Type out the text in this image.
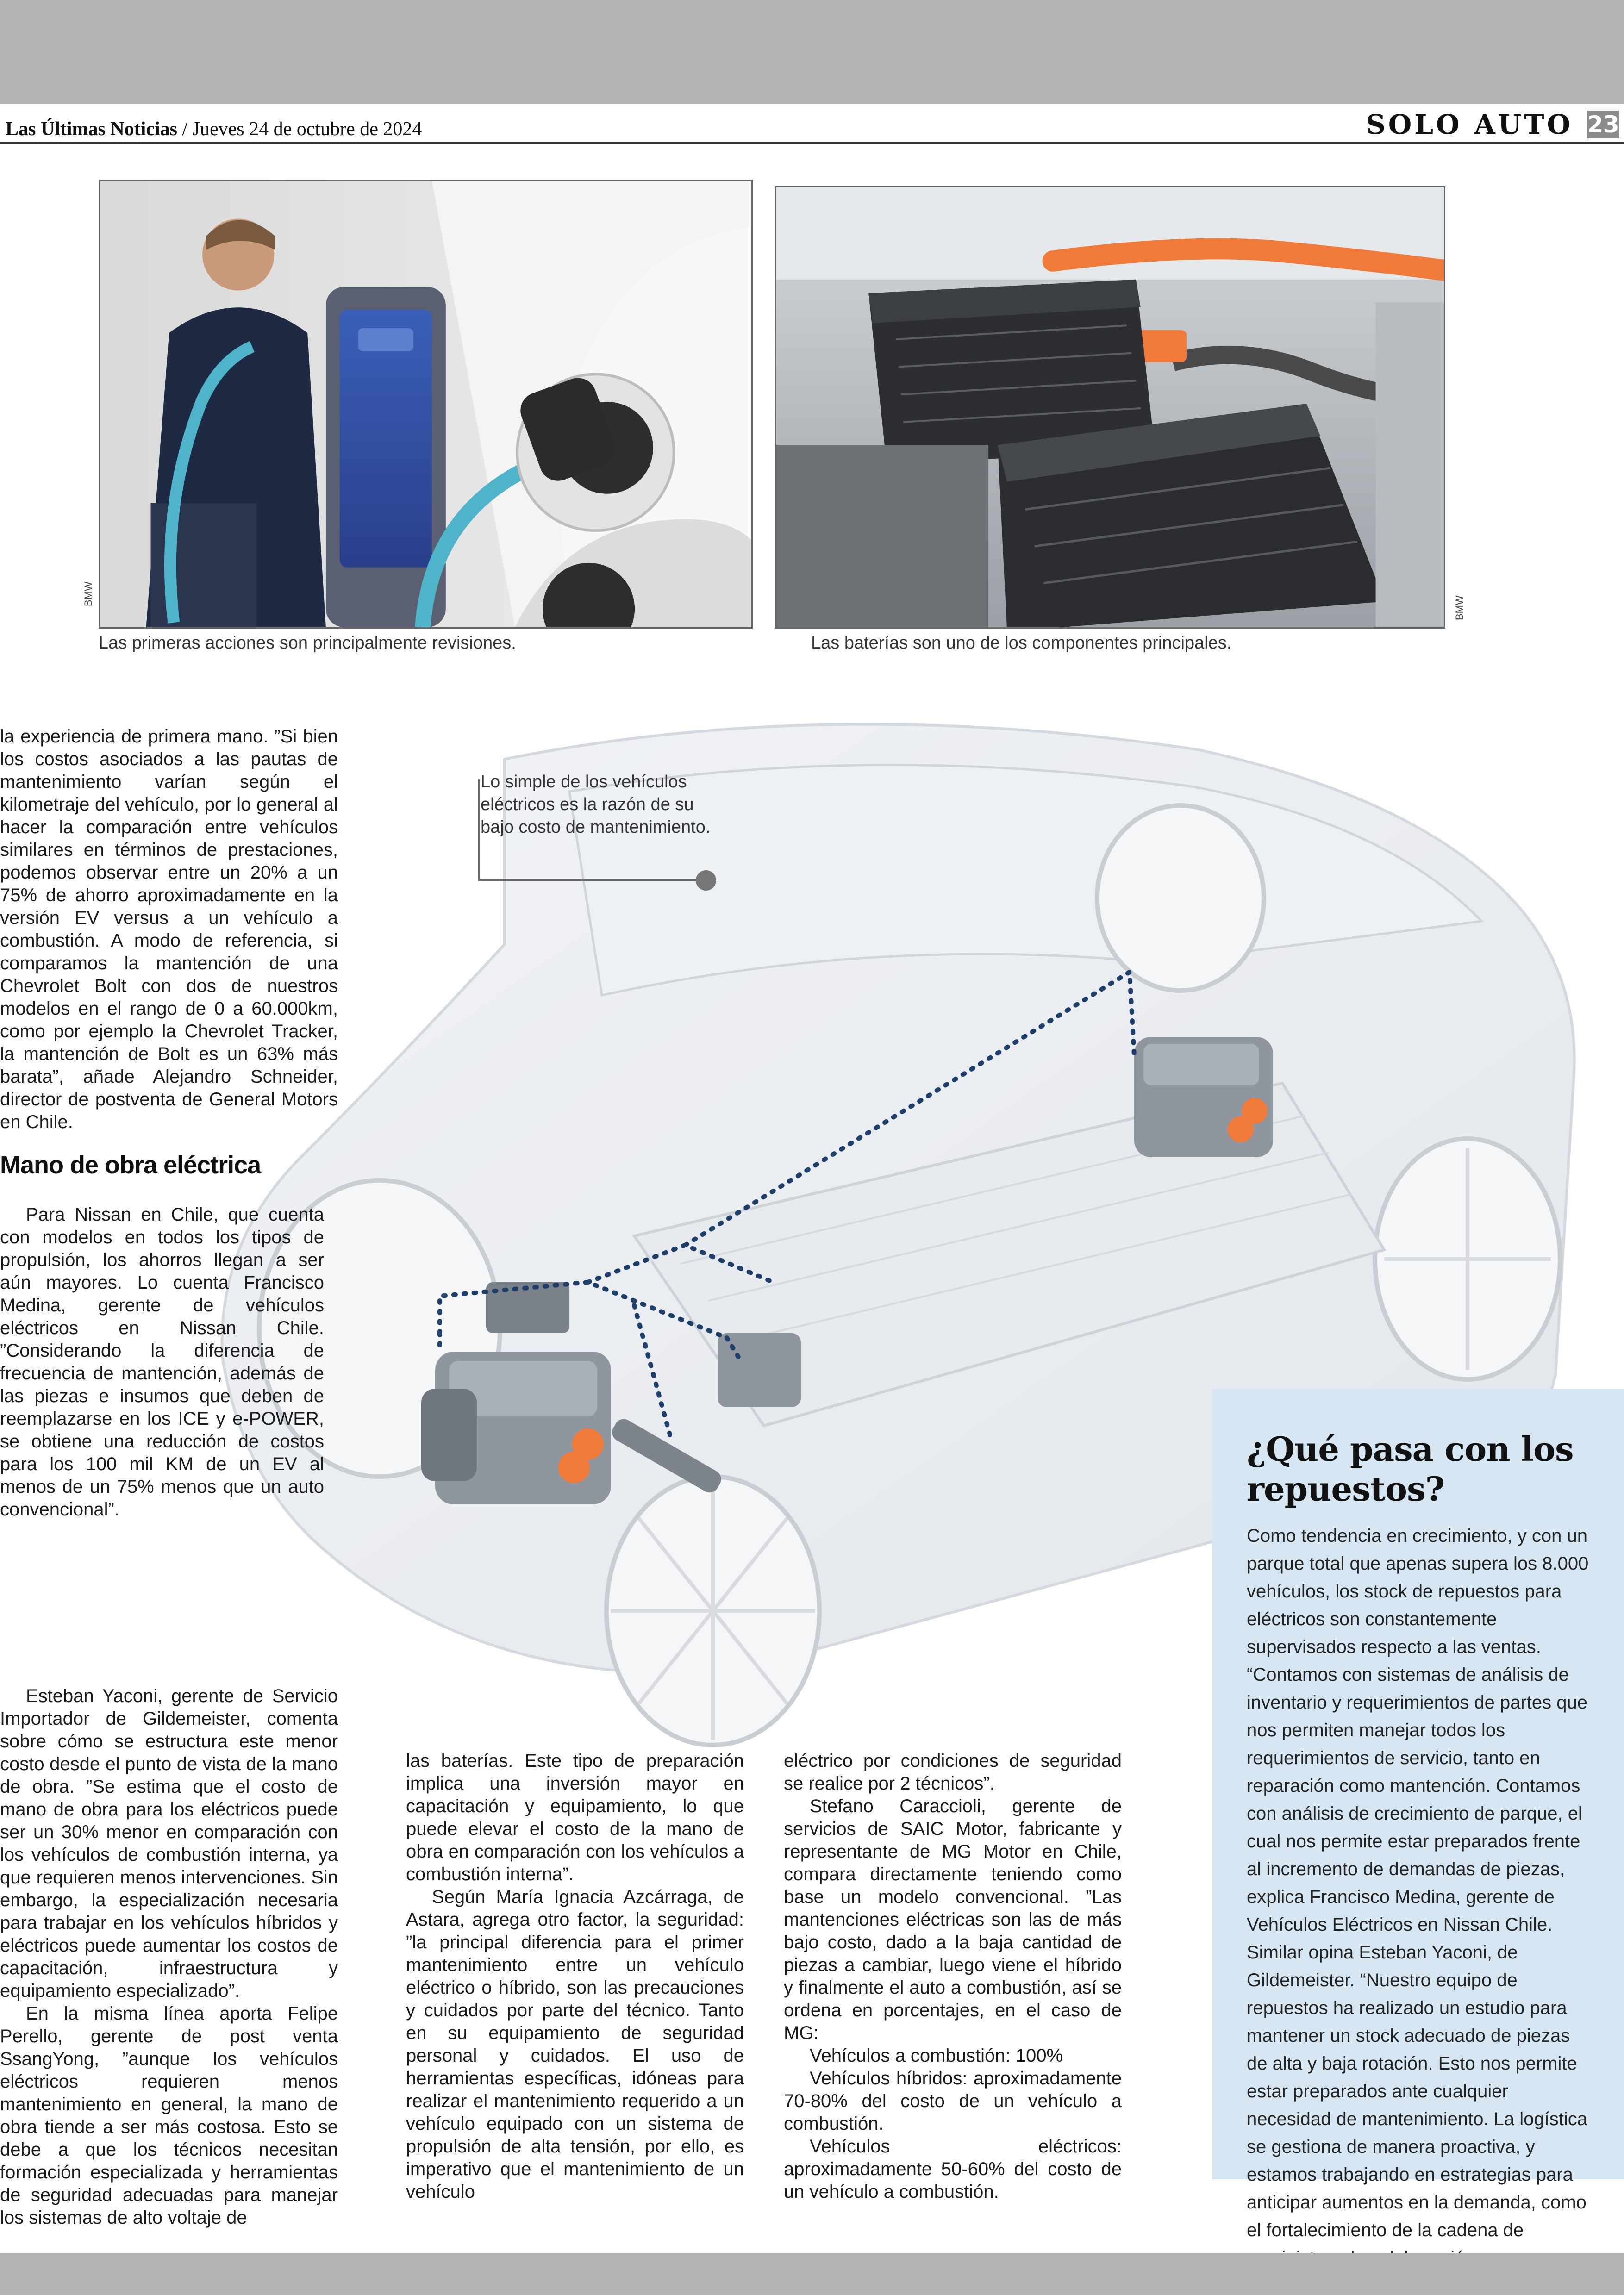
Las Últimas Noticias / Jueves 24 de octubre de 2024	SOLO AUTO 23
BMW
Las primeras acciones son principalmente revisiones.
BMW
Las baterías son uno de los componentes principales.
Lo simple de los vehículos eléctricos es la razón de su bajo costo de mantenimiento.

la experiencia de primera mano. ”Si bien los costos asociados a las pautas de mantenimiento varían según el kilometraje del vehículo, por lo general al hacer la comparación entre vehículos similares en términos de prestaciones, podemos observar entre un 20% a un 75% de ahorro aproximadamente en la versión EV versus a un vehículo a combustión. A modo de referencia, si comparamos la mantención de una Chevrolet Bolt con dos de nuestros modelos en el rango de 0 a 60.000km, como por ejemplo la Chevrolet Tracker, la mantención de Bolt es un 63% más barata”, añade Alejandro Schneider, director de postventa de General Motors en Chile.

Mano de obra eléctrica

Para Nissan en Chile, que cuenta con modelos en todos los tipos de propulsión, los ahorros llegan a ser aún mayores. Lo cuenta Francisco Medina, gerente de vehículos eléctricos en Nissan Chile. ”Considerando la diferencia de frecuencia de mantención, además de las piezas e insumos que deben de reemplazarse en los ICE y e-POWER, se obtiene una reducción de costos para los 100 mil KM de un EV al menos de un 75% menos que un auto convencional”.

Esteban Yaconi, gerente de Servicio Importador de Gildemeister, comenta sobre cómo se estructura este menor costo desde el punto de vista de la mano de obra. ”Se estima que el costo de mano de obra para los eléctricos puede ser un 30% menor en comparación con los vehículos de combustión interna, ya que requieren menos intervenciones. Sin embargo, la especialización necesaria para trabajar en los vehículos híbridos y eléctricos puede aumentar los costos de capacitación, infraestructura y equipamiento especializado”.

En la misma línea aporta Felipe Perello, gerente de post venta SsangYong, ”aunque los vehículos eléctricos requieren menos mantenimiento en general, la mano de obra tiende a ser más costosa. Esto se debe a que los técnicos necesitan formación especializada y herramientas de seguridad adecuadas para manejar los sistemas de alto voltaje de

las baterías. Este tipo de preparación implica una inversión mayor en capacitación y equipamiento, lo que puede elevar el costo de la mano de obra en comparación con los vehículos a combustión interna”.

Según María Ignacia Azcárraga, de Astara, agrega otro factor, la seguridad: ”la principal diferencia para el primer mantenimiento entre un vehículo eléctrico o híbrido, son las precauciones y cuidados por parte del técnico. Tanto en su equipamiento de seguridad personal y cuidados. El uso de herramientas específicas, idóneas para realizar el mantenimiento requerido a un vehículo equipado con un sistema de propulsión de alta tensión, por ello, es imperativo que el mantenimiento de un vehículo

eléctrico por condiciones de seguridad se realice por 2 técnicos”.

Stefano Caraccioli, gerente de servicios de SAIC Motor, fabricante y representante de MG Motor en Chile, compara directamente teniendo como base un modelo convencional. ”Las mantenciones eléctricas son las de más bajo costo, dado a la baja cantidad de piezas a cambiar, luego viene el híbrido y finalmente el auto a combustión, así se ordena en porcentajes, en el caso de MG:

Vehículos a combustión: 100%

Vehículos híbridos: aproximadamente 70-80% del costo de un vehículo a combustión.

Vehículos eléctricos: aproximadamente 50-60% del costo de un vehículo a combustión.

¿Qué pasa con los repuestos?

Como tendencia en crecimiento, y con un parque total que apenas supera los 8.000 vehículos, los stock de repuestos para eléctricos son constantemente supervisados respecto a las ventas. “Contamos con sistemas de análisis de inventario y requerimientos de partes que nos permiten manejar todos los requerimientos de servicio, tanto en reparación como mantención. Contamos con análisis de crecimiento de parque, el cual nos permite estar preparados frente al incremento de demandas de piezas, explica Francisco Medina, gerente de Vehículos Eléctricos en Nissan Chile.

Similar opina Esteban Yaconi, de Gildemeister. “Nuestro equipo de repuestos ha realizado un estudio para mantener un stock adecuado de piezas de alta y baja rotación. Esto nos permite estar preparados ante cualquier necesidad de mantenimiento. La logística se gestiona de manera proactiva, y estamos trabajando en estrategias para anticipar aumentos en la demanda, como el fortalecimiento de la cadena de
